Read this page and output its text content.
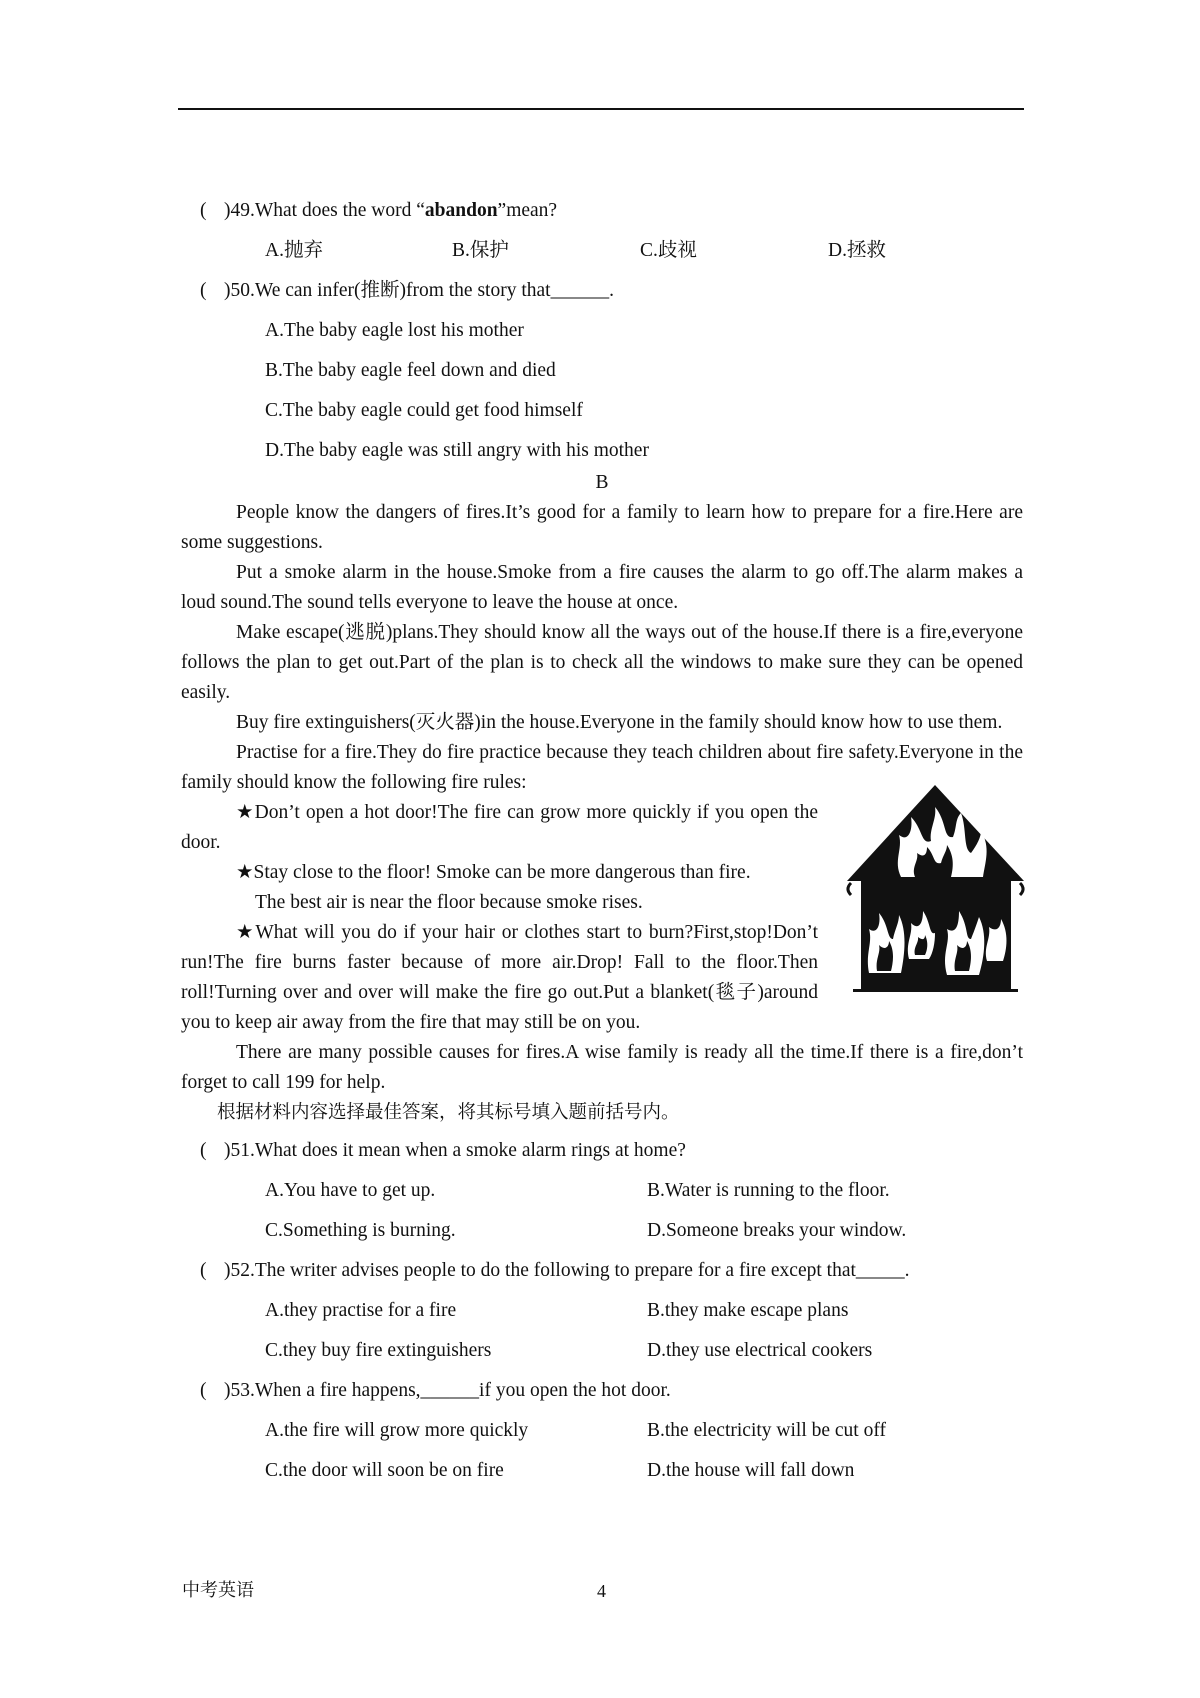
( )49.What does the word “abandon”mean?
A.抛弃	B.保护	C.歧视	D.拯救
( )50.We can infer(推断)from the story that______.
A.The baby eagle lost his mother
B.The baby eagle feel down and died
C.The baby eagle could get food himself
D.The baby eagle was still angry with his mother
B

People know the dangers of fires.It’s good for a family to learn how to prepare for a fire.Here are some suggestions.

Put a smoke alarm in the house.Smoke from a fire causes the alarm to go off.The alarm makes a loud sound.The sound tells everyone to leave the house at once.

Make escape(逃脱)plans.They should know all the ways out of the house.If there is a fire,everyone follows the plan to get out.Part of the plan is to check all the windows to make sure they can be opened easily.

Buy fire extinguishers(灭火器)in the house.Everyone in the family should know how to use them.

Practise for a fire.They do fire practice because they teach children about fire safety.Everyone in the family should know the following fire rules:

★Don’t open a hot door!The fire can grow more quickly if you open the door.

★Stay close to the floor! Smoke can be more dangerous than fire.

The best air is near the floor because smoke rises.

★What will you do if your hair or clothes start to burn?First,stop!Don’t run!The fire burns faster because of more air.Drop! Fall to the floor.Then roll!Turning over and over will make the fire go out.Put a blanket(毯子)around you to keep air away from the fire that may still be on you.

There are many possible causes for fires.A wise family is ready all the time.If there is a fire,don’t forget to call 199 for help.

根据材料内容选择最佳答案，将其标号填入题前括号内。

( )51.What does it mean when a smoke alarm rings at home?
A.You have to get up.	B.Water is running to the floor.
C.Something is burning.	D.Someone breaks your window.
( )52.The writer advises people to do the following to prepare for a fire except that_____.
A.they practise for a fire	B.they make escape plans
C.they buy fire extinguishers	D.they use electrical cookers
( )53.When a fire happens,______if you open the hot door.
A.the fire will grow more quickly	B.the electricity will be cut off
C.the door will soon be on fire	D.the house will fall down
中考英语	4
